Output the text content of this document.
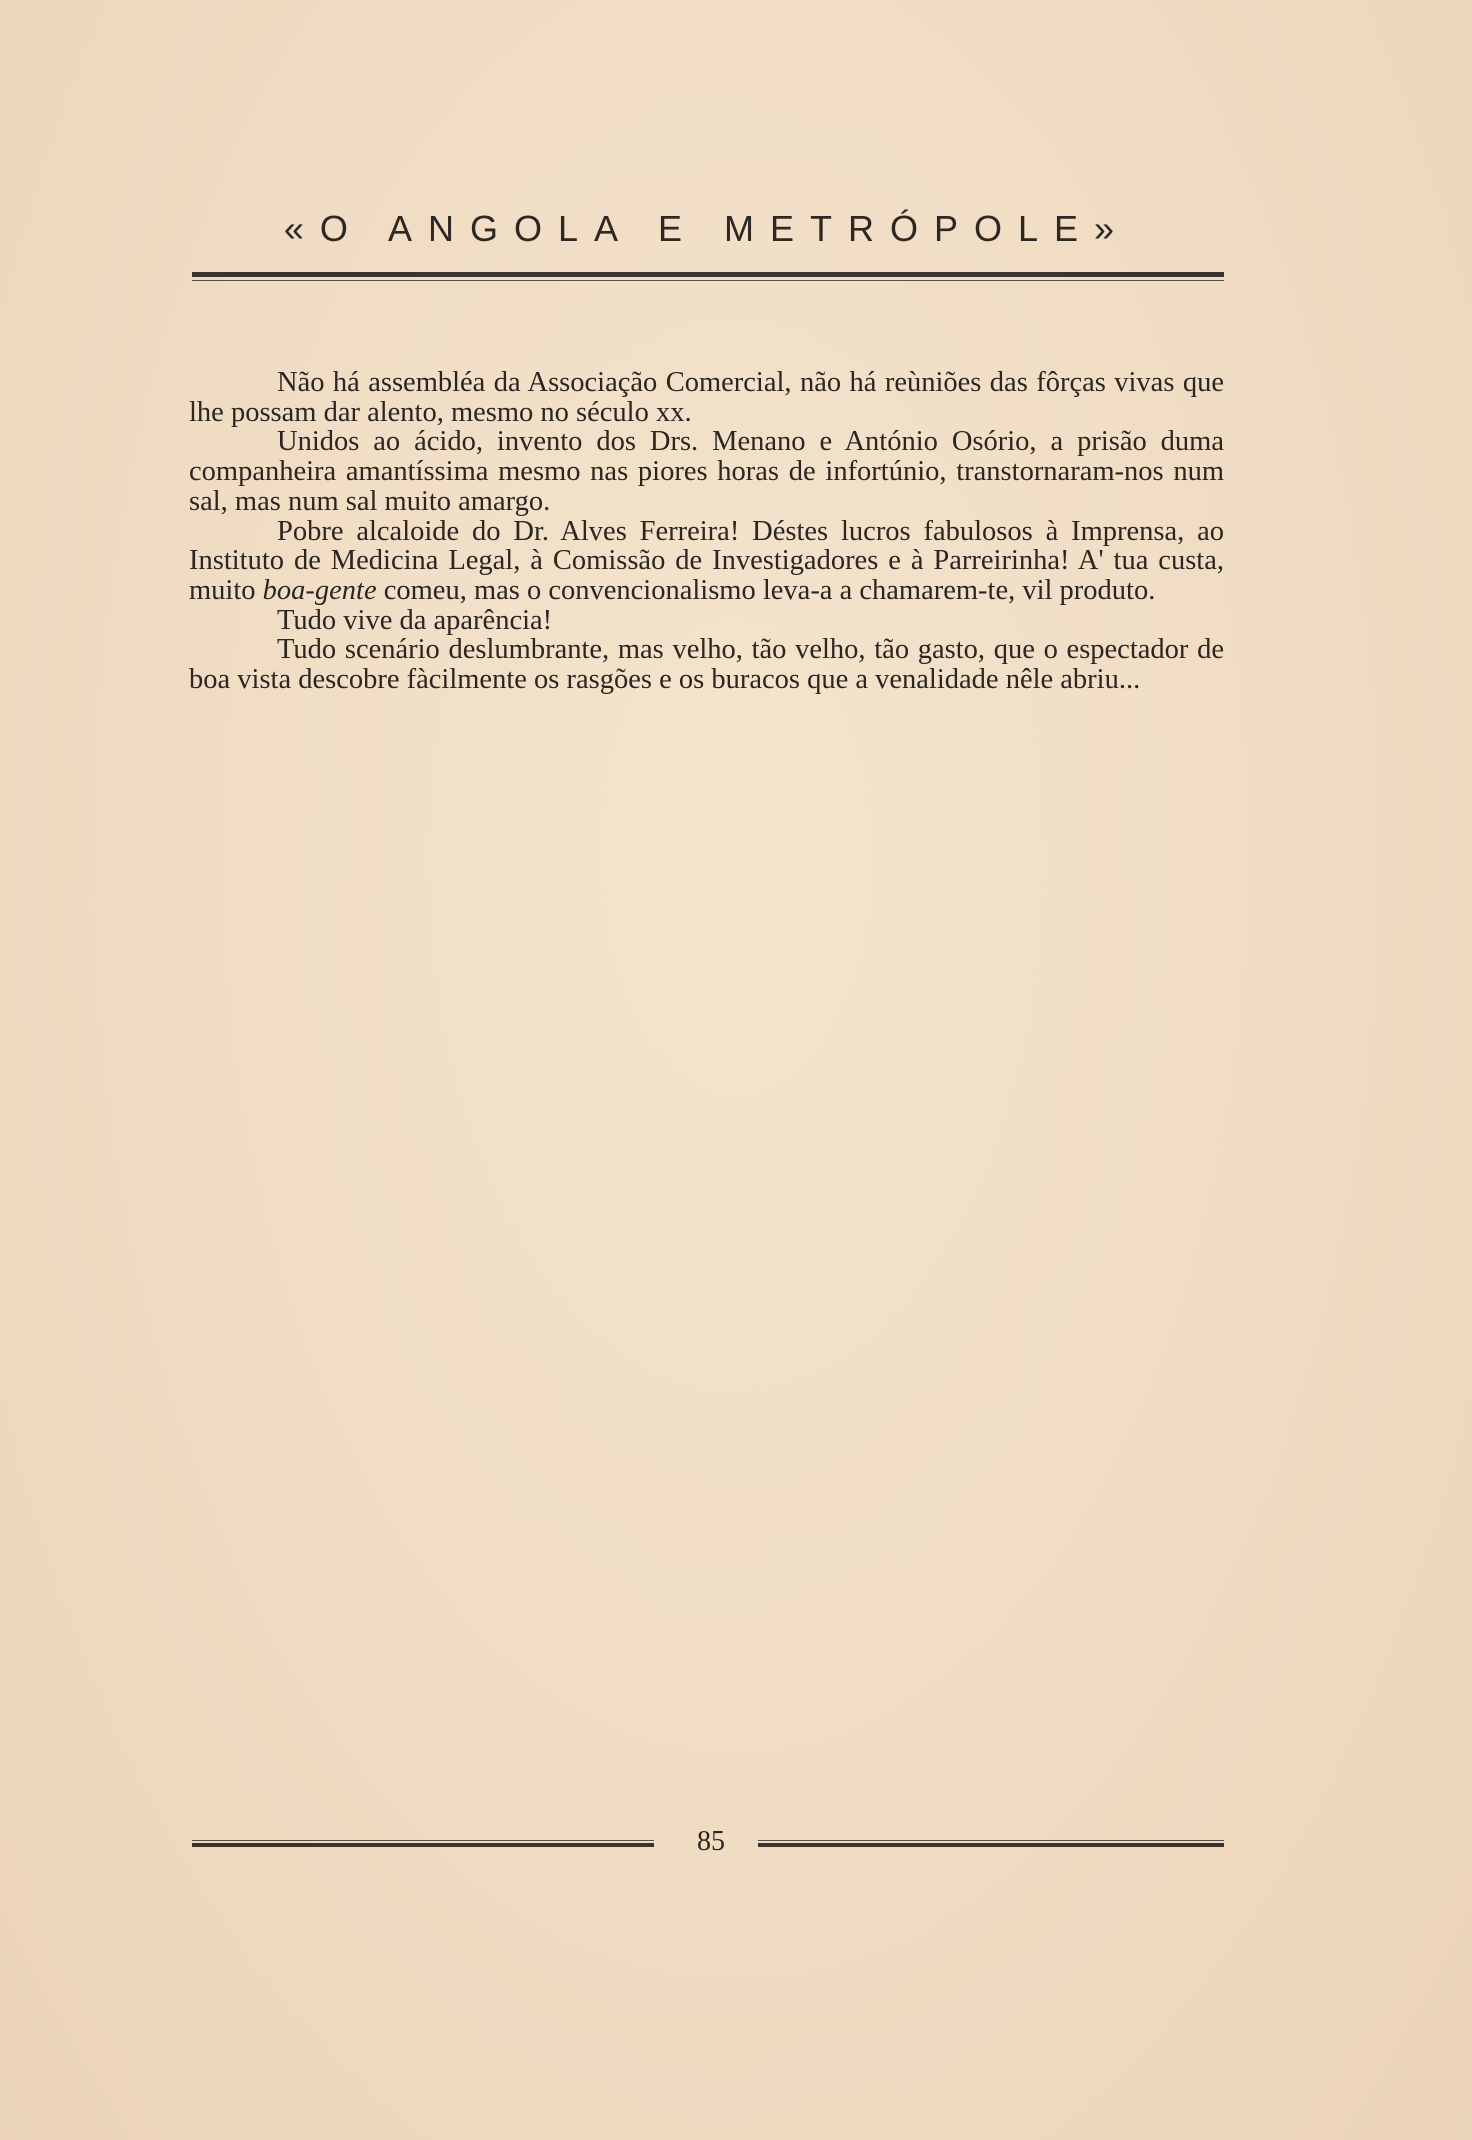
«O ANGOLA E METRÓPOLE»

Não há assembléa da Associação Comercial, não há reùniões das fôrças vivas que lhe possam dar alento, mesmo no século xx.

Unidos ao ácido, invento dos Drs. Menano e António Osório, a prisão duma companheira amantíssima mesmo nas piores horas de infortúnio, transtornaram-nos num sal, mas num sal muito amargo.

Pobre alcaloide do Dr. Alves Ferreira! Déstes lucros fabulosos à Imprensa, ao Instituto de Medicina Legal, à Comissão de Investigadores e à Parreirinha! A' tua custa, muito boa-gente comeu, mas o convencionalismo leva-a a chamarem-te, vil produto.

Tudo vive da aparência!

Tudo scenário deslumbrante, mas velho, tão velho, tão gasto, que o espectador de boa vista descobre fàcilmente os rasgões e os buracos que a venalidade nêle abriu...

85
